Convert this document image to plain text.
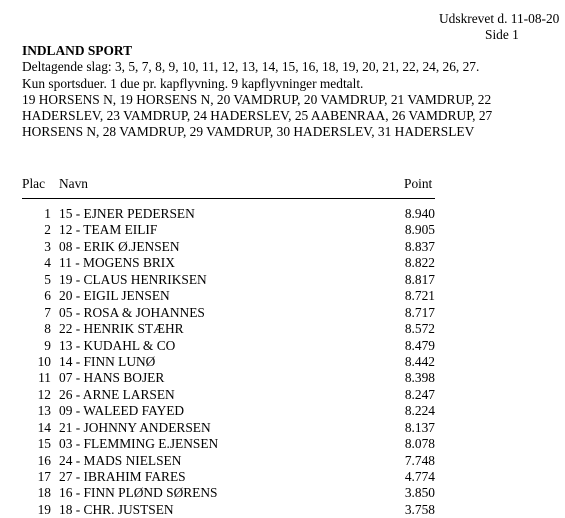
Udskrevet d. 11-08-20
Side 1
INDLAND SPORT
Deltagende slag: 3, 5, 7, 8, 9, 10, 11, 12, 13, 14, 15, 16, 18, 19, 20, 21, 22, 24, 26, 27.
Kun sportsduer. 1 due pr. kapflyvning. 9 kapflyvninger medtalt.
19 HORSENS N, 19 HORSENS N, 20 VAMDRUP, 20 VAMDRUP, 21 VAMDRUP, 22 HADERSLEV, 23 VAMDRUP, 24 HADERSLEV, 25 AABENRAA, 26 VAMDRUP, 27 HORSENS N, 28 VAMDRUP, 29 VAMDRUP, 30 HADERSLEV, 31 HADERSLEV
Plac Navn	Point
1 15 - EJNER PEDERSEN	8.940
2 12 - TEAM EILIF	8.905
3 08 - ERIK Ø.JENSEN	8.837
4 11 - MOGENS BRIX	8.822
5 19 - CLAUS HENRIKSEN	8.817
6 20 - EIGIL JENSEN	8.721
7 05 - ROSA & JOHANNES	8.717
8 22 - HENRIK STÆHR	8.572
9 13 - KUDAHL & CO	8.479
10 14 - FINN LUNØ	8.442
11 07 - HANS BOJER	8.398
12 26 - ARNE LARSEN	8.247
13 09 - WALEED FAYED	8.224
14 21 - JOHNNY ANDERSEN	8.137
15 03 - FLEMMING E.JENSEN	8.078
16 24 - MADS NIELSEN	7.748
17 27 - IBRAHIM FARES	4.774
18 16 - FINN PLØND SØRENS	3.850
19 18 - CHR. JUSTSEN	3.758
